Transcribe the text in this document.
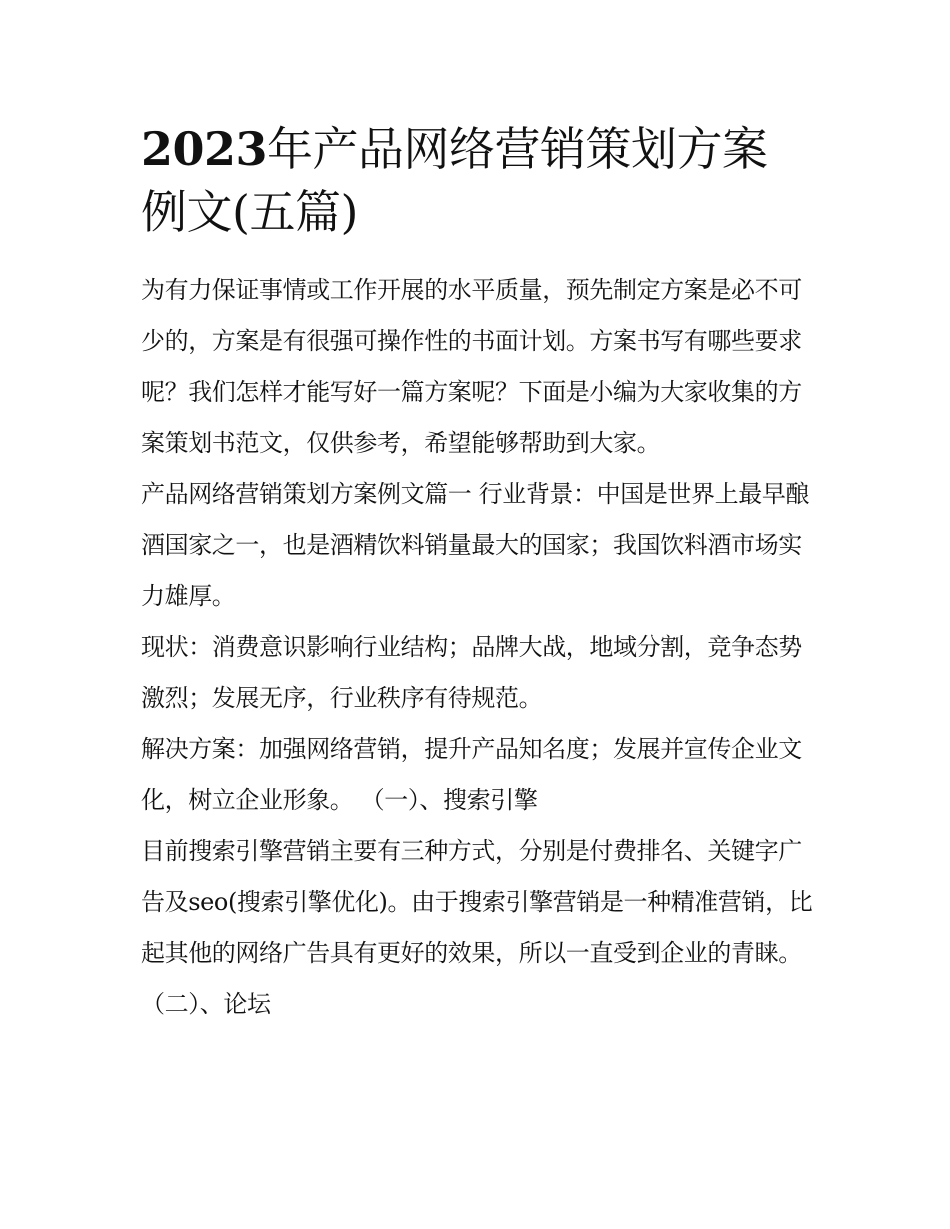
2023年产品网络营销策划方案例文(五篇)

为有力保证事情或工作开展的水平质量，预先制定方案是必不可少的，方案是有很强可操作性的书面计划。方案书写有哪些要求呢？我们怎样才能写好一篇方案呢？下面是小编为大家收集的方案策划书范文，仅供参考，希望能够帮助到大家。

产品网络营销策划方案例文篇一 行业背景：中国是世界上最早酿酒国家之一，也是酒精饮料销量最大的国家；我国饮料酒市场实力雄厚。

现状：消费意识影响行业结构；品牌大战，地域分割，竞争态势激烈；发展无序，行业秩序有待规范。

解决方案：加强网络营销，提升产品知名度；发展并宣传企业文化，树立企业形象。 （一）、搜索引擎

目前搜索引擎营销主要有三种方式，分别是付费排名、关键字广告及seo(搜索引擎优化)。由于搜索引擎营销是一种精准营销，比起其他的网络广告具有更好的效果，所以一直受到企业的青睐。

（二）、论坛
